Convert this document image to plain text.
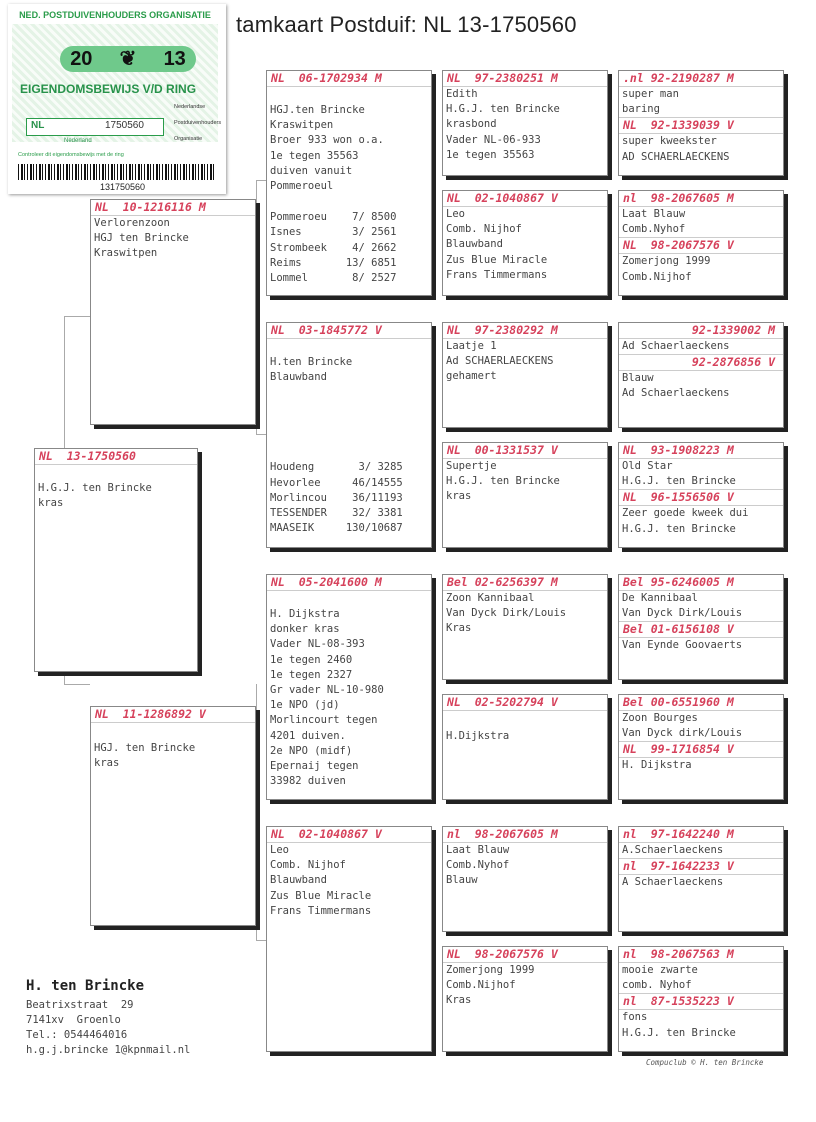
tamkaart Postduif: NL 13-1750560
NED. POSTDUIVENHOUDERS ORGANISATIE
20 ❦ 13
EIGENDOMSBEWIJS V/D RING
Nederlandse
Postduivenhouders
Organisatie
NL	1750560
Nederland
Controleer dit eigendomsbewijs met de ring
131750560
NL  13-1750560
H.G.J. ten Brincke
kras
NL  10-1216116 M
Verlorenzoon
HGJ ten Brincke
Kraswitpen
NL  11-1286892 V
HGJ. ten Brincke
kras
NL  06-1702934 M
HGJ.ten Brincke
Kraswitpen
Broer 933 won o.a.
1e tegen 35563
duiven vanuit
Pommeroeul
Pommeroeu    7/ 8500
Isnes        3/ 2561
Strombeek    4/ 2662
Reims       13/ 6851
Lommel       8/ 2527
NL  03-1845772 V
H.ten Brincke
Blauwband
Houdeng       3/ 3285
Hevorlee     46/14555
Morlincou    36/11193
TESSENDER    32/ 3381
MAASEIK     130/10687
NL  05-2041600 M
H. Dijkstra
donker kras
Vader NL-08-393
1e tegen 2460
1e tegen 2327
Gr vader NL-10-980
1e NPO (jd)
Morlincourt tegen
4201 duiven.
2e NPO (midf)
Epernaij tegen
33982 duiven
NL  02-1040867 V
Leo
Comb. Nijhof
Blauwband
Zus Blue Miracle
Frans Timmermans
NL  97-2380251 M
Edith
H.G.J. ten Brincke
krasbond
Vader NL-06-933
1e tegen 35563
NL  02-1040867 V
Leo
Comb. Nijhof
Blauwband
Zus Blue Miracle
Frans Timmermans
NL  97-2380292 M
Laatje 1
Ad SCHAERLAECKENS
gehamert
NL  00-1331537 V
Supertje
H.G.J. ten Brincke
kras
Bel 02-6256397 M
Zoon Kannibaal
Van Dyck Dirk/Louis
Kras
NL  02-5202794 V
H.Dijkstra
nl  98-2067605 M
Laat Blauw
Comb.Nyhof
Blauw
NL  98-2067576 V
Zomerjong 1999
Comb.Nijhof
Kras
.nl 92-2190287 M
super man
baring
NL  92-1339039 V
super kweekster
AD SCHAERLAECKENS
nl  98-2067605 M
Laat Blauw
Comb.Nyhof
NL  98-2067576 V
Zomerjong 1999
Comb.Nijhof
92-1339002 M
Ad Schaerlaeckens
92-2876856 V
Blauw
Ad Schaerlaeckens
NL  93-1908223 M
Old Star
H.G.J. ten Brincke
NL  96-1556506 V
Zeer goede kweek dui
H.G.J. ten Brincke
Bel 95-6246005 M
De Kannibaal
Van Dyck Dirk/Louis
Bel 01-6156108 V
Van Eynde Goovaerts
Bel 00-6551960 M
Zoon Bourges
Van Dyck dirk/Louis
NL  99-1716854 V
H. Dijkstra
nl  97-1642240 M
A.Schaerlaeckens
nl  97-1642233 V
A Schaerlaeckens
nl  98-2067563 M
mooie zwarte
comb. Nyhof
nl  87-1535223 V
fons
H.G.J. ten Brincke
H. ten Brincke
Beatrixstraat  29
7141xv  Groenlo
Tel.: 0544464016
h.g.j.brincke 1@kpnmail.nl
Compuclub © H. ten Brincke
